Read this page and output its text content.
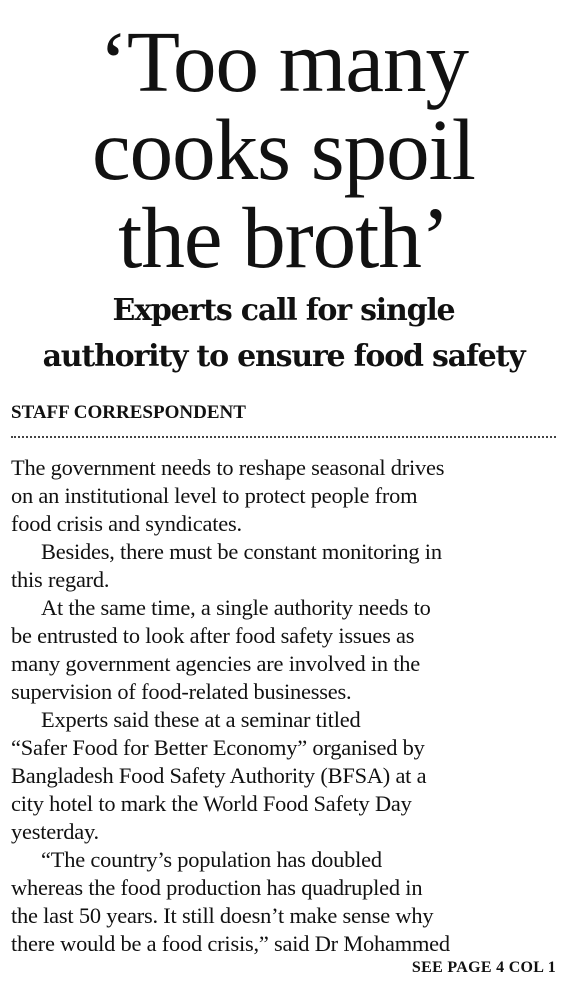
‘Too many
cooks spoil
the broth’
Experts call for single
authority to ensure food safety
STAFF CORRESPONDENT
The government needs to reshape seasonal drives
on an institutional level to protect people from
food crisis and syndicates.
Besides, there must be constant monitoring in
this regard.
At the same time, a single authority needs to
be entrusted to look after food safety issues as
many government agencies are involved in the
supervision of food-related businesses.
Experts said these at a seminar titled
“Safer Food for Better Economy” organised by
Bangladesh Food Safety Authority (BFSA) at a
city hotel to mark the World Food Safety Day
yesterday.
“The country’s population has doubled
whereas the food production has quadrupled in
the last 50 years. It still doesn’t make sense why
there would be a food crisis,” said Dr Mohammed
SEE PAGE 4 COL 1
